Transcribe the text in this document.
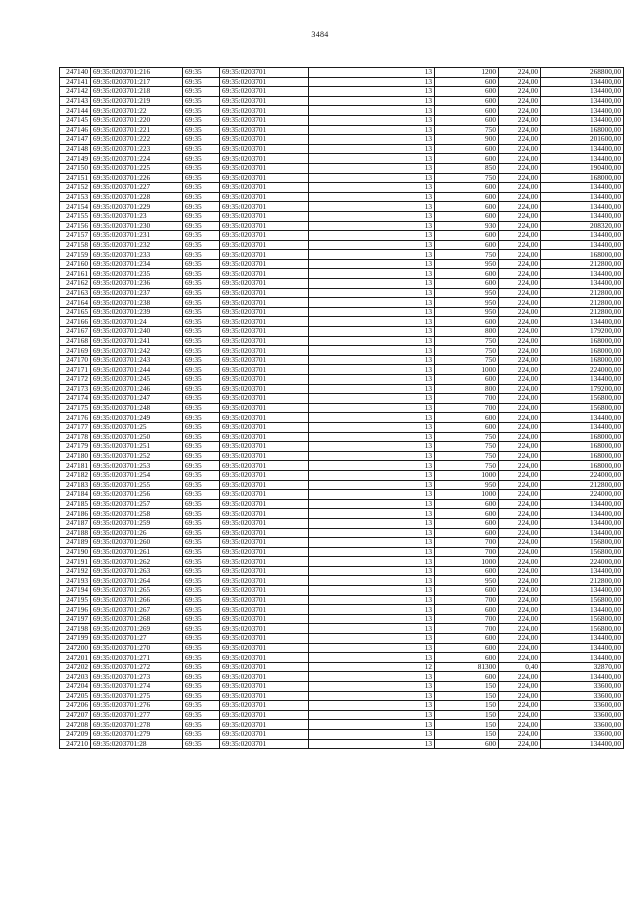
3484
247140	69:35:0203701:216	69:35	69:35:0203701	13	1200	224,00	268800,00
247141	69:35:0203701:217	69:35	69:35:0203701	13	600	224,00	134400,00
247142	69:35:0203701:218	69:35	69:35:0203701	13	600	224,00	134400,00
247143	69:35:0203701:219	69:35	69:35:0203701	13	600	224,00	134400,00
247144	69:35:0203701:22	69:35	69:35:0203701	13	600	224,00	134400,00
247145	69:35:0203701:220	69:35	69:35:0203701	13	600	224,00	134400,00
247146	69:35:0203701:221	69:35	69:35:0203701	13	750	224,00	168000,00
247147	69:35:0203701:222	69:35	69:35:0203701	13	900	224,00	201600,00
247148	69:35:0203701:223	69:35	69:35:0203701	13	600	224,00	134400,00
247149	69:35:0203701:224	69:35	69:35:0203701	13	600	224,00	134400,00
247150	69:35:0203701:225	69:35	69:35:0203701	13	850	224,00	190400,00
247151	69:35:0203701:226	69:35	69:35:0203701	13	750	224,00	168000,00
247152	69:35:0203701:227	69:35	69:35:0203701	13	600	224,00	134400,00
247153	69:35:0203701:228	69:35	69:35:0203701	13	600	224,00	134400,00
247154	69:35:0203701:229	69:35	69:35:0203701	13	600	224,00	134400,00
247155	69:35:0203701:23	69:35	69:35:0203701	13	600	224,00	134400,00
247156	69:35:0203701:230	69:35	69:35:0203701	13	930	224,00	208320,00
247157	69:35:0203701:231	69:35	69:35:0203701	13	600	224,00	134400,00
247158	69:35:0203701:232	69:35	69:35:0203701	13	600	224,00	134400,00
247159	69:35:0203701:233	69:35	69:35:0203701	13	750	224,00	168000,00
247160	69:35:0203701:234	69:35	69:35:0203701	13	950	224,00	212800,00
247161	69:35:0203701:235	69:35	69:35:0203701	13	600	224,00	134400,00
247162	69:35:0203701:236	69:35	69:35:0203701	13	600	224,00	134400,00
247163	69:35:0203701:237	69:35	69:35:0203701	13	950	224,00	212800,00
247164	69:35:0203701:238	69:35	69:35:0203701	13	950	224,00	212800,00
247165	69:35:0203701:239	69:35	69:35:0203701	13	950	224,00	212800,00
247166	69:35:0203701:24	69:35	69:35:0203701	13	600	224,00	134400,00
247167	69:35:0203701:240	69:35	69:35:0203701	13	800	224,00	179200,00
247168	69:35:0203701:241	69:35	69:35:0203701	13	750	224,00	168000,00
247169	69:35:0203701:242	69:35	69:35:0203701	13	750	224,00	168000,00
247170	69:35:0203701:243	69:35	69:35:0203701	13	750	224,00	168000,00
247171	69:35:0203701:244	69:35	69:35:0203701	13	1000	224,00	224000,00
247172	69:35:0203701:245	69:35	69:35:0203701	13	600	224,00	134400,00
247173	69:35:0203701:246	69:35	69:35:0203701	13	800	224,00	179200,00
247174	69:35:0203701:247	69:35	69:35:0203701	13	700	224,00	156800,00
247175	69:35:0203701:248	69:35	69:35:0203701	13	700	224,00	156800,00
247176	69:35:0203701:249	69:35	69:35:0203701	13	600	224,00	134400,00
247177	69:35:0203701:25	69:35	69:35:0203701	13	600	224,00	134400,00
247178	69:35:0203701:250	69:35	69:35:0203701	13	750	224,00	168000,00
247179	69:35:0203701:251	69:35	69:35:0203701	13	750	224,00	168000,00
247180	69:35:0203701:252	69:35	69:35:0203701	13	750	224,00	168000,00
247181	69:35:0203701:253	69:35	69:35:0203701	13	750	224,00	168000,00
247182	69:35:0203701:254	69:35	69:35:0203701	13	1000	224,00	224000,00
247183	69:35:0203701:255	69:35	69:35:0203701	13	950	224,00	212800,00
247184	69:35:0203701:256	69:35	69:35:0203701	13	1000	224,00	224000,00
247185	69:35:0203701:257	69:35	69:35:0203701	13	600	224,00	134400,00
247186	69:35:0203701:258	69:35	69:35:0203701	13	600	224,00	134400,00
247187	69:35:0203701:259	69:35	69:35:0203701	13	600	224,00	134400,00
247188	69:35:0203701:26	69:35	69:35:0203701	13	600	224,00	134400,00
247189	69:35:0203701:260	69:35	69:35:0203701	13	700	224,00	156800,00
247190	69:35:0203701:261	69:35	69:35:0203701	13	700	224,00	156800,00
247191	69:35:0203701:262	69:35	69:35:0203701	13	1000	224,00	224000,00
247192	69:35:0203701:263	69:35	69:35:0203701	13	600	224,00	134400,00
247193	69:35:0203701:264	69:35	69:35:0203701	13	950	224,00	212800,00
247194	69:35:0203701:265	69:35	69:35:0203701	13	600	224,00	134400,00
247195	69:35:0203701:266	69:35	69:35:0203701	13	700	224,00	156800,00
247196	69:35:0203701:267	69:35	69:35:0203701	13	600	224,00	134400,00
247197	69:35:0203701:268	69:35	69:35:0203701	13	700	224,00	156800,00
247198	69:35:0203701:269	69:35	69:35:0203701	13	700	224,00	156800,00
247199	69:35:0203701:27	69:35	69:35:0203701	13	600	224,00	134400,00
247200	69:35:0203701:270	69:35	69:35:0203701	13	600	224,00	134400,00
247201	69:35:0203701:271	69:35	69:35:0203701	13	600	224,00	134400,00
247202	69:35:0203701:272	69:35	69:35:0203701	12	81300	0,40	32870,00
247203	69:35:0203701:273	69:35	69:35:0203701	13	600	224,00	134400,00
247204	69:35:0203701:274	69:35	69:35:0203701	13	150	224,00	33600,00
247205	69:35:0203701:275	69:35	69:35:0203701	13	150	224,00	33600,00
247206	69:35:0203701:276	69:35	69:35:0203701	13	150	224,00	33600,00
247207	69:35:0203701:277	69:35	69:35:0203701	13	150	224,00	33600,00
247208	69:35:0203701:278	69:35	69:35:0203701	13	150	224,00	33600,00
247209	69:35:0203701:279	69:35	69:35:0203701	13	150	224,00	33600,00
247210	69:35:0203701:28	69:35	69:35:0203701	13	600	224,00	134400,00
